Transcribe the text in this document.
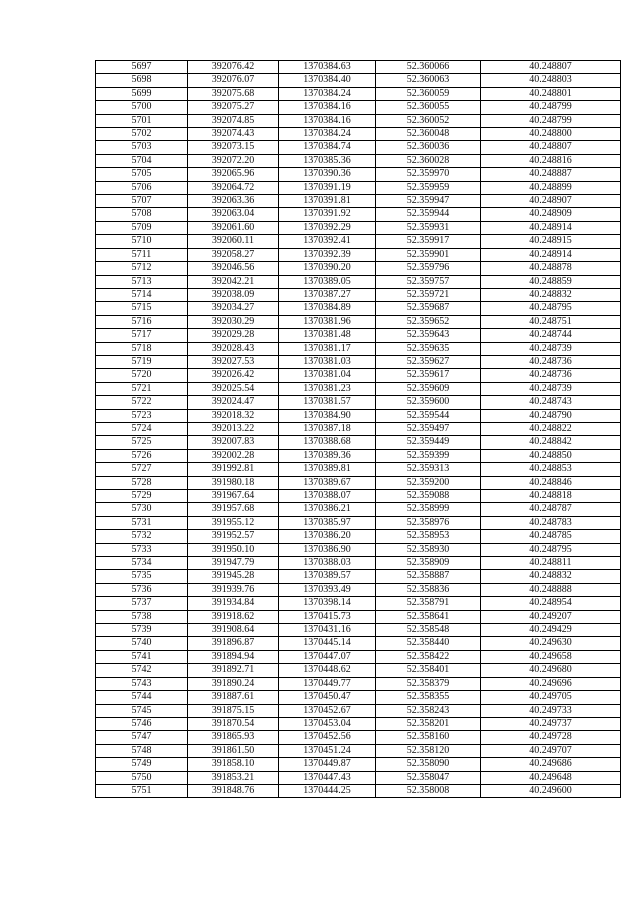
5697	392076.42	1370384.63	52.360066	40.248807
5698	392076.07	1370384.40	52.360063	40.248803
5699	392075.68	1370384.24	52.360059	40.248801
5700	392075.27	1370384.16	52.360055	40.248799
5701	392074.85	1370384.16	52.360052	40.248799
5702	392074.43	1370384.24	52.360048	40.248800
5703	392073.15	1370384.74	52.360036	40.248807
5704	392072.20	1370385.36	52.360028	40.248816
5705	392065.96	1370390.36	52.359970	40.248887
5706	392064.72	1370391.19	52.359959	40.248899
5707	392063.36	1370391.81	52.359947	40.248907
5708	392063.04	1370391.92	52.359944	40.248909
5709	392061.60	1370392.29	52.359931	40.248914
5710	392060.11	1370392.41	52.359917	40.248915
5711	392058.27	1370392.39	52.359901	40.248914
5712	392046.56	1370390.20	52.359796	40.248878
5713	392042.21	1370389.05	52.359757	40.248859
5714	392038.09	1370387.27	52.359721	40.248832
5715	392034.27	1370384.89	52.359687	40.248795
5716	392030.29	1370381.96	52.359652	40.248751
5717	392029.28	1370381.48	52.359643	40.248744
5718	392028.43	1370381.17	52.359635	40.248739
5719	392027.53	1370381.03	52.359627	40.248736
5720	392026.42	1370381.04	52.359617	40.248736
5721	392025.54	1370381.23	52.359609	40.248739
5722	392024.47	1370381.57	52.359600	40.248743
5723	392018.32	1370384.90	52.359544	40.248790
5724	392013.22	1370387.18	52.359497	40.248822
5725	392007.83	1370388.68	52.359449	40.248842
5726	392002.28	1370389.36	52.359399	40.248850
5727	391992.81	1370389.81	52.359313	40.248853
5728	391980.18	1370389.67	52.359200	40.248846
5729	391967.64	1370388.07	52.359088	40.248818
5730	391957.68	1370386.21	52.358999	40.248787
5731	391955.12	1370385.97	52.358976	40.248783
5732	391952.57	1370386.20	52.358953	40.248785
5733	391950.10	1370386.90	52.358930	40.248795
5734	391947.79	1370388.03	52.358909	40.248811
5735	391945.28	1370389.57	52.358887	40.248832
5736	391939.76	1370393.49	52.358836	40.248888
5737	391934.84	1370398.14	52.358791	40.248954
5738	391918.62	1370415.73	52.358641	40.249207
5739	391908.64	1370431.16	52.358548	40.249429
5740	391896.87	1370445.14	52.358440	40.249630
5741	391894.94	1370447.07	52.358422	40.249658
5742	391892.71	1370448.62	52.358401	40.249680
5743	391890.24	1370449.77	52.358379	40.249696
5744	391887.61	1370450.47	52.358355	40.249705
5745	391875.15	1370452.67	52.358243	40.249733
5746	391870.54	1370453.04	52.358201	40.249737
5747	391865.93	1370452.56	52.358160	40.249728
5748	391861.50	1370451.24	52.358120	40.249707
5749	391858.10	1370449.87	52.358090	40.249686
5750	391853.21	1370447.43	52.358047	40.249648
5751	391848.76	1370444.25	52.358008	40.249600
